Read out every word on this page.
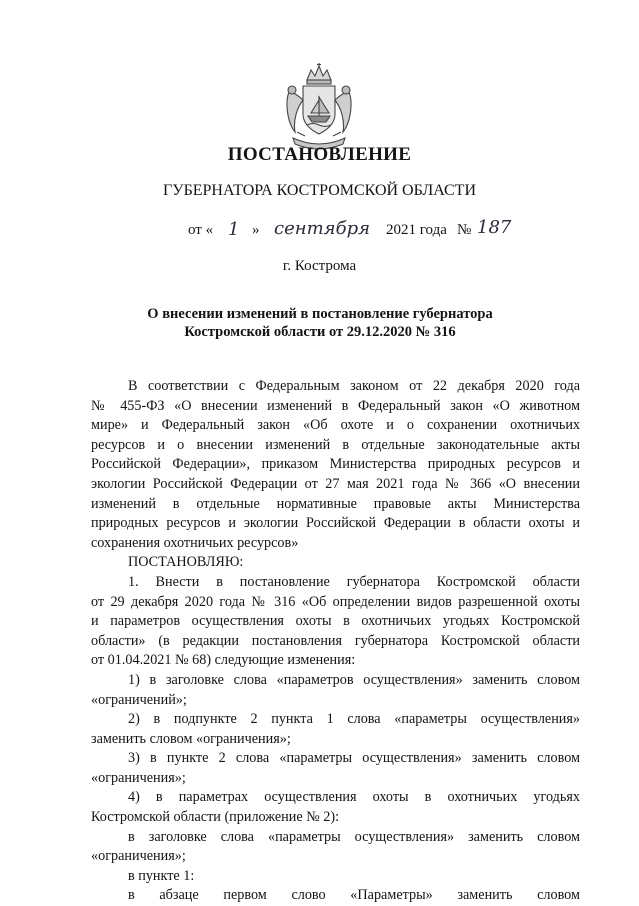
ПОСТАНОВЛЕНИЕ
ГУБЕРНАТОРА КОСТРОМСКОЙ ОБЛАСТИ
от « 1 » сентября 2021 года № 187
г. Кострома
О внесении изменений в постановление губернатора
Костромской области от 29.12.2020 № 316
В соответствии с Федеральным законом от 22 декабря 2020 года
№ 455-ФЗ «О внесении изменений в Федеральный закон «О животном
мире» и Федеральный закон «Об охоте и о сохранении охотничьих
ресурсов и о внесении изменений в отдельные законодательные акты
Российской Федерации», приказом Министерства природных ресурсов и
экологии Российской Федерации от 27 мая 2021 года № 366 «О внесении
изменений в отдельные нормативные правовые акты Министерства
природных ресурсов и экологии Российской Федерации в области охоты и
сохранения охотничьих ресурсов»
ПОСТАНОВЛЯЮ:
1. Внести в постановление губернатора Костромской области
от 29 декабря 2020 года № 316 «Об определении видов разрешенной охоты
и параметров осуществления охоты в охотничьих угодьях Костромской
области» (в редакции постановления губернатора Костромской области
от 01.04.2021 № 68) следующие изменения:
1) в заголовке слова «параметров осуществления» заменить словом
«ограничений»;
2) в подпункте 2 пункта 1 слова «параметры осуществления»
заменить словом «ограничения»;
3) в пункте 2 слова «параметры осуществления» заменить словом
«ограничения»;
4) в параметрах осуществления охоты в охотничьих угодьях
Костромской области (приложение № 2):
в заголовке слова «параметры осуществления» заменить словом
«ограничения»;
в пункте 1:
в абзаце первом слово «Параметры» заменить словом
